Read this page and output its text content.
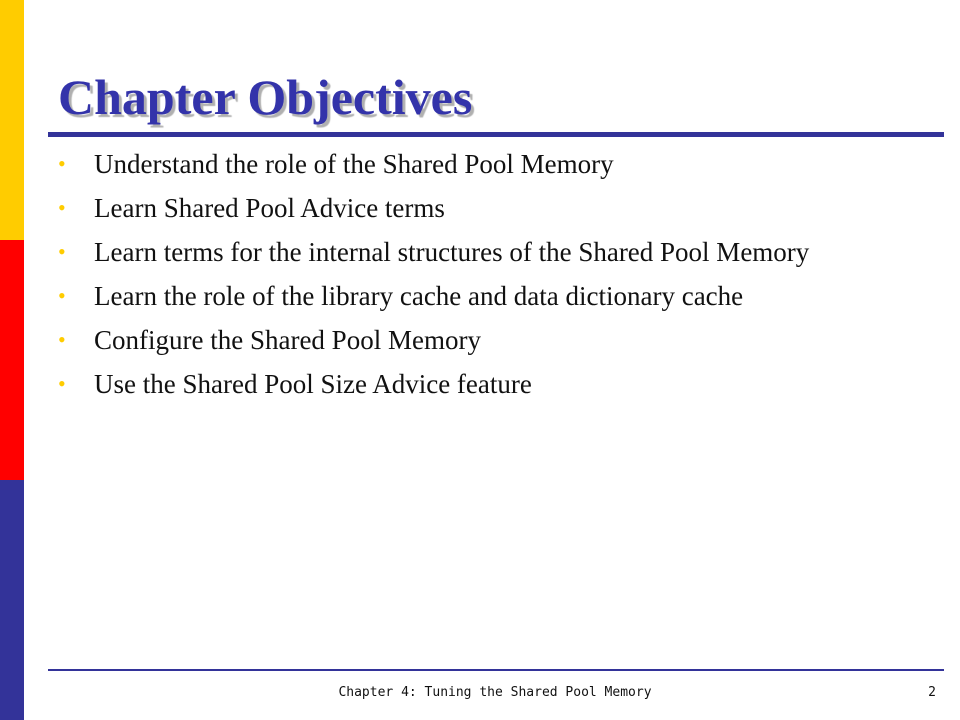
Chapter Objectives
• Understand the role of the Shared Pool Memory
• Learn Shared Pool Advice terms
• Learn terms for the internal structures of the Shared Pool Memory
• Learn the role of the library cache and data dictionary cache
• Configure the Shared Pool Memory
• Use the Shared Pool Size Advice feature
Chapter 4: Tuning the Shared Pool Memory	2
